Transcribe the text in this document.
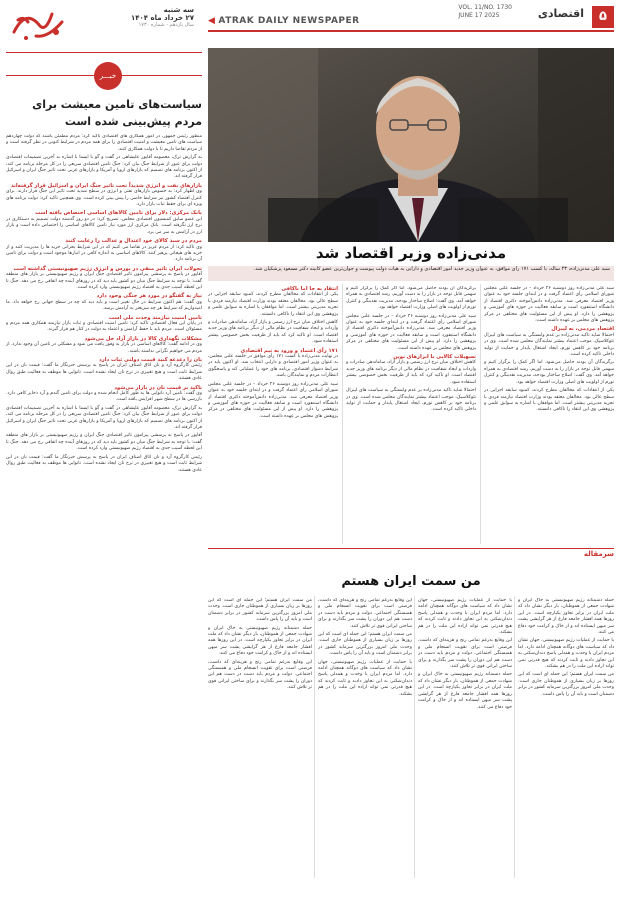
۵
اقتصادی
VOL. 11/NO. 1730
JUNE 17 2025
◀ ATRAK DAILY NEWSPAPER
سه شنبه
۲۷ خرداد ماه ۱۴۰۴
سال یازدهم - شماره ۱۷۳۰
خبـــر
سیاست‌های تامین معیشت برای مردم پیش‌بینی شده است

منظور رئیس جمهور، در امور همکاری های اقتصادی تاکید کرد: مردم مطمئن باشند که دولت چهاردهم سیاست های تامین معیشت و امنیت اقتصادی را برای همه مردم در شرایط کنونی در نظر گرفته است و از مردم تقاضا داریم تا با دولت همکاری کنند.

به گزارش ترک، معصومه آقاپور علیشاهی در گفت و گو با ایسنا با اشاره به آخرین تصمیمات اقتصادی دولت برای عبور از شرایط جنگ بیان کرد: جنگ تامین اقتصادی سریعی را در کل مرحله برنامه می کند، از اکنون برنامه های تصمیم که بازارهای اروپا و آمریکا و بازارهای غربی تحت تاثیر جنگ ایران و اسرائیل قرار گرفته اند.

بازارهای نفت و انرژی شدیداً تحت تاثیر جنگ ایران و اسرائیل قرار گرفته‌اند

وی اظهار کرد: به خصوص بازارهای نفتی و انرژی در سطح شدید تحت تاثیر این جنگ قرار دارند. برای کنترل اقتصاد کشور نیز شرایط خاصی را پیش بینی کرده است. وی همچنین تاکید کرد: دولت برنامه های ویژه ای برای حفظ ثبات بازار دارد.

بانک مرکزی: دلار برای تامین کالاهای اساسی اختصاص یافته است

این عضو سابق کمیسیون اقتصادی مجلس، تصریح کرد: در دو روز گذشته دولت تصمیم به دستکاری در نرخ ارز نگرفته است. بانک مرکزی ارز مورد نیاز تامین کالاهای اساسی را اختصاص داده است و بازار ارز در آرامش به سر می برد.

مردم در سبد کالای خود اعتدال و عدالت را رعایت کنند

وی تاکید کرد: از مردم عزیز در تقاضا می کنیم که در این شرایط بحرانی خرید ها را مدیریت کنند و از خرید های هیجانی پرهیز کنند. کالاهای اساسی به اندازه کافی در انبارها موجود است و دولت برای تامین آن برنامه دارد.

تحولات ایران تاثیر منفی در بورس و انرژی رژیم صهیونیستی گذاشته است

آقاپور در پاسخ به پرسشی پیرامون تاثیر اقتصادی جنگ ایران و رژیم صهیونیستی بر بازار های منطقه گفت: با توجه به شرایط جنگ میان دو کشور باید دید که در روزهای آینده چه اتفاقی رخ می دهد. جنگ تا این لحظه آسیب جدی به اقتصاد رژیم صهیونیستی وارد کرده است.

نیاز به گفتگو در مورد هر جنگی وجود دارد

وی گفت: هم اکنون شرایط در حال تغییر است و باید دید که چه در سطح جهانی رخ خواهد داد. ما امیدواریم که شرایط هر چه سریعتر به آرامش برسد.

تامین امنیت نیازمند وحدت ملی است

در پایان این فعال اقتصادی تاکید کرد: تامین امنیت اقتصادی و ثبات بازار نیازمند همکاری همه مردم و مسئولان است. مردم باید با حفظ آرامش و اعتماد به دولت در کنار هم قرار گیرند.

مشکلات نگهداری کالا در بازار آزاد حل می‌شود

وی در ادامه گفت: کالاهای اساسی در بازار به وفور یافت می شود و مشکلی در تامین آن وجود ندارد. از مردم می خواهیم نگرانی نداشته باشند.

نان را دغدغه کنید قیمت دولتی ثبات دارد

رئیس کارگروه آرد و نان اتاق اصناف ایران در پاسخ به پرسش خبرنگار ما گفت: قیمت نان در این شرایط ثابت است و هیچ تغییری در نرخ نان ایجاد نشده است. نانوایی ها موظف به فعالیت طبق روال عادی هستند.

تاکید بر قیمت نان در بازار می‌شود

وی گفت: تامین آرد نانوایی ها به طور کامل انجام شده و دولت برای تامین گندم و آرد ذخایر کافی دارد. بازرسی ها در سطح شهر افزایش یافته است.

به گزارش ترک، معصومه آقاپور علیشاهی در گفت و گو با ایسنا با اشاره به آخرین تصمیمات اقتصادی دولت برای عبور از شرایط جنگ بیان کرد: جنگ تامین اقتصادی سریعی را در کل مرحله برنامه می کند، از اکنون برنامه های تصمیم که بازارهای اروپا و آمریکا و بازارهای غربی تحت تاثیر جنگ ایران و اسرائیل قرار گرفته اند.

آقاپور در پاسخ به پرسشی پیرامون تاثیر اقتصادی جنگ ایران و رژیم صهیونیستی بر بازار های منطقه گفت: با توجه به شرایط جنگ میان دو کشور باید دید که در روزهای آینده چه اتفاقی رخ می دهد. جنگ تا این لحظه آسیب جدی به اقتصاد رژیم صهیونیستی وارد کرده است.

رئیس کارگروه آرد و نان اتاق اصناف ایران در پاسخ به پرسش خبرنگار ما گفت: قیمت نان در این شرایط ثابت است و هیچ تغییری در نرخ نان ایجاد نشده است. نانوایی ها موظف به فعالیت طبق روال عادی هستند.

مدنی‌زاده وزیر اقتصاد شد
سید علی مدنی‌زاده، ۴۳ ساله، با کسب ۱۷۱ رأی موافق، به عنوان وزیر جدید امور اقتصادی و دارایی به هیأت دولت پیوست و جوان‌ترین عضو کابینه دکتر مسعود پزشکیان شد.

سید علی مدنی‌زاده روز دوشنبه ۲۶ خرداد – در جلسه علنی مجلس شورای اسلامی رأی اعتماد گرفت و در ابتدای جلسه خود به عنوان وزیر اقتصاد معرفی شد. مدنی‌زاده دانش‌آموخته دکتری اقتصاد از دانشگاه استنفورد است و سابقه فعالیت در حوزه های آموزشی و پژوهشی را دارد. او پیش از این مسئولیت های مختلفی در مرکز پژوهش های مجلس بر عهده داشته است.

اقتصاد مردمی، نه لیبرال

احتمالا شاید تاکید مدنی‌زاده بر عدم وابستگی به سیاست های لیبرال نئوکلاسیک، موجب اعتماد بیشتر نمایندگان مجلس شده است. وی در برنامه خود بر کاهش تورم، ایجاد اشتغال پایدار و حمایت از تولید داخلی تاکید کرده است.

برگزیدگان آن بودند حاصل می‌شود. اما اگر کمک را برگزار کنیم و سهمی قابل توجه در بازار را به دست آوریم، رشد اقتصادی به همراه خواهد آمد. وی گفت: اصلاح ساختار بودجه، مدیریت نقدینگی و کنترل تورم از اولویت های اصلی وزارت اقتصاد خواهد بود.

یکی از انتقادات که مخالفان مطرح کردند، کمبود سابقه اجرایی در سطح عالی بود. مخالفان معتقد بودند وزارت اقتصاد نیازمند فردی با تجربه مدیریتی بیشتر است. اما موافقان با اشاره به سوابق علمی و پژوهشی وی این انتقاد را ناکافی دانستند.

برگزیدگان آن بودند حاصل می‌شود. اما اگر کمک را برگزار کنیم و سهمی قابل توجه در بازار را به دست آوریم، رشد اقتصادی به همراه خواهد آمد. وی گفت: اصلاح ساختار بودجه، مدیریت نقدینگی و کنترل تورم از اولویت های اصلی وزارت اقتصاد خواهد بود.

سید علی مدنی‌زاده روز دوشنبه ۲۶ خرداد – در جلسه علنی مجلس شورای اسلامی رأی اعتماد گرفت و در ابتدای جلسه خود به عنوان وزیر اقتصاد معرفی شد. مدنی‌زاده دانش‌آموخته دکتری اقتصاد از دانشگاه استنفورد است و سابقه فعالیت در حوزه های آموزشی و پژوهشی را دارد. او پیش از این مسئولیت های مختلفی در مرکز پژوهش های مجلس بر عهده داشته است.

تسهیلات کالایی با ابزارهای نوین

کاهش اختلاف میان نرخ ارز رسمی و بازار آزاد، ساماندهی صادرات و واردات و ایجاد شفافیت در نظام مالی از دیگر برنامه های وزیر جدید اقتصاد است. او تاکید کرد که باید از ظرفیت بخش خصوصی بیشتر استفاده شود.

احتمالا شاید تاکید مدنی‌زاده بر عدم وابستگی به سیاست های لیبرال نئوکلاسیک، موجب اعتماد بیشتر نمایندگان مجلس شده است. وی در برنامه خود بر کاهش تورم، ایجاد اشتغال پایدار و حمایت از تولید داخلی تاکید کرده است.

انتقاد به جا اما ناکافی

یکی از انتقادات که مخالفان مطرح کردند، کمبود سابقه اجرایی در سطح عالی بود. مخالفان معتقد بودند وزارت اقتصاد نیازمند فردی با تجربه مدیریتی بیشتر است. اما موافقان با اشاره به سوابق علمی و پژوهشی وی این انتقاد را ناکافی دانستند.

کاهش اختلاف میان نرخ ارز رسمی و بازار آزاد، ساماندهی صادرات و واردات و ایجاد شفافیت در نظام مالی از دیگر برنامه های وزیر جدید اقتصاد است. او تاکید کرد که باید از ظرفیت بخش خصوصی بیشتر استفاده شود.

۱۷۱ رأی اعتماد و ورود به تیم اقتصادی

در نهایت مدنی‌زاده با کسب ۱۷۱ رأی موافق در جلسه علنی مجلس، به عنوان وزیر امور اقتصادی و دارایی انتخاب شد. او اکنون باید در شرایط دشوار اقتصادی، برنامه های خود را عملیاتی کند و پاسخگوی انتظارات مردم و نمایندگان باشد.

سید علی مدنی‌زاده روز دوشنبه ۲۶ خرداد – در جلسه علنی مجلس شورای اسلامی رأی اعتماد گرفت و در ابتدای جلسه خود به عنوان وزیر اقتصاد معرفی شد. مدنی‌زاده دانش‌آموخته دکتری اقتصاد از دانشگاه استنفورد است و سابقه فعالیت در حوزه های آموزشی و پژوهشی را دارد. او پیش از این مسئولیت های مختلفی در مرکز پژوهش های مجلس بر عهده داشته است.

سرمقاله
من سمت ایران هستم

حمله دشمنانه رژیم صهیونیستی به خاک ایران و شهادت جمعی از هموطنان، بار دیگر نشان داد که ملت ایران در برابر تجاوز یکپارچه است. در این روزها همه اقشار جامعه فارغ از هر گرایشی پشت سر میهن ایستاده اند و از خاک و کرامت خود دفاع می کنند.

با حمایت از عملیات رژیم صهیونیستی، جهان نشان داد که سیاست های دوگانه همچنان ادامه دارد. اما مردم ایران با وحدت و همدلی پاسخ دندان‌شکنی به این تجاوز دادند و ثابت کردند که هیچ قدرتی نمی تواند اراده این ملت را در هم بشکند.

من سمت ایران هستم؛ این جمله ای است که این روزها بر زبان بسیاری از هموطنان جاری است. وحدت ملی امروز بزرگترین سرمایه کشور در برابر دشمنان است و باید آن را پاس داشت.

با حمایت از عملیات رژیم صهیونیستی، جهان نشان داد که سیاست های دوگانه همچنان ادامه دارد. اما مردم ایران با وحدت و همدلی پاسخ دندان‌شکنی به این تجاوز دادند و ثابت کردند که هیچ قدرتی نمی تواند اراده این ملت را در هم بشکند.

این وقایع به‌رغم تمامی رنج و هزینه‌ای که داشت، فرصتی است برای تقویت انسجام ملی و همبستگی اجتماعی. دولت و مردم باید دست در دست هم این دوران را پشت سر بگذارند و برای ساختن ایرانی قوی تر تلاش کنند.

حمله دشمنانه رژیم صهیونیستی به خاک ایران و شهادت جمعی از هموطنان، بار دیگر نشان داد که ملت ایران در برابر تجاوز یکپارچه است. در این روزها همه اقشار جامعه فارغ از هر گرایشی پشت سر میهن ایستاده اند و از خاک و کرامت خود دفاع می کنند.

این وقایع به‌رغم تمامی رنج و هزینه‌ای که داشت، فرصتی است برای تقویت انسجام ملی و همبستگی اجتماعی. دولت و مردم باید دست در دست هم این دوران را پشت سر بگذارند و برای ساختن ایرانی قوی تر تلاش کنند.

من سمت ایران هستم؛ این جمله ای است که این روزها بر زبان بسیاری از هموطنان جاری است. وحدت ملی امروز بزرگترین سرمایه کشور در برابر دشمنان است و باید آن را پاس داشت.

با حمایت از عملیات رژیم صهیونیستی، جهان نشان داد که سیاست های دوگانه همچنان ادامه دارد. اما مردم ایران با وحدت و همدلی پاسخ دندان‌شکنی به این تجاوز دادند و ثابت کردند که هیچ قدرتی نمی تواند اراده این ملت را در هم بشکند.

من سمت ایران هستم؛ این جمله ای است که این روزها بر زبان بسیاری از هموطنان جاری است. وحدت ملی امروز بزرگترین سرمایه کشور در برابر دشمنان است و باید آن را پاس داشت.

حمله دشمنانه رژیم صهیونیستی به خاک ایران و شهادت جمعی از هموطنان، بار دیگر نشان داد که ملت ایران در برابر تجاوز یکپارچه است. در این روزها همه اقشار جامعه فارغ از هر گرایشی پشت سر میهن ایستاده اند و از خاک و کرامت خود دفاع می کنند.

این وقایع به‌رغم تمامی رنج و هزینه‌ای که داشت، فرصتی است برای تقویت انسجام ملی و همبستگی اجتماعی. دولت و مردم باید دست در دست هم این دوران را پشت سر بگذارند و برای ساختن ایرانی قوی تر تلاش کنند.
